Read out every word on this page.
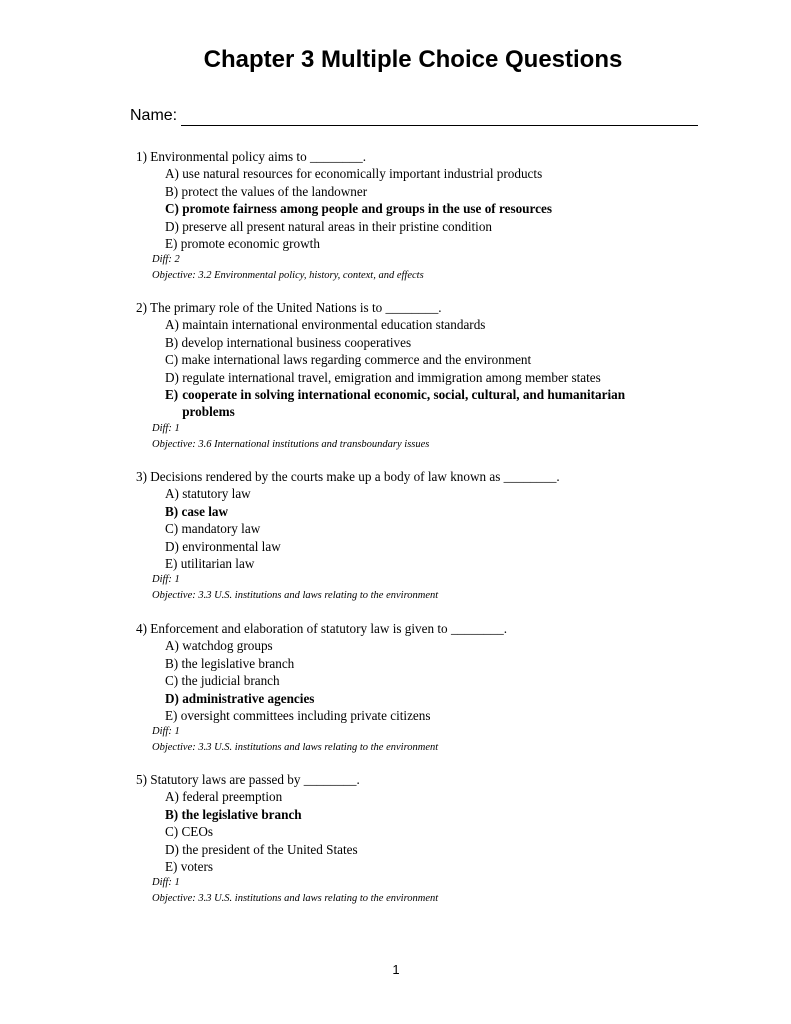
Chapter 3 Multiple Choice Questions
Name:
1) Environmental policy aims to ________.
A) use natural resources for economically important industrial products
B) protect the values of the landowner
C) promote fairness among people and groups in the use of resources
D) preserve all present natural areas in their pristine condition
E) promote economic growth
Diff: 2
Objective: 3.2 Environmental policy, history, context, and effects
2) The primary role of the United Nations is to ________.
A) maintain international environmental education standards
B) develop international business cooperatives
C) make international laws regarding commerce and the environment
D) regulate international travel, emigration and immigration among member states
E) cooperate in solving international economic, social, cultural, and humanitarian problems
Diff: 1
Objective: 3.6 International institutions and transboundary issues
3) Decisions rendered by the courts make up a body of law known as ________.
A) statutory law
B) case law
C) mandatory law
D) environmental law
E) utilitarian law
Diff: 1
Objective: 3.3 U.S. institutions and laws relating to the environment
4) Enforcement and elaboration of statutory law is given to ________.
A) watchdog groups
B) the legislative branch
C) the judicial branch
D) administrative agencies
E) oversight committees including private citizens
Diff: 1
Objective: 3.3 U.S. institutions and laws relating to the environment
5) Statutory laws are passed by ________.
A) federal preemption
B) the legislative branch
C) CEOs
D) the president of the United States
E) voters
Diff: 1
Objective: 3.3 U.S. institutions and laws relating to the environment
1
